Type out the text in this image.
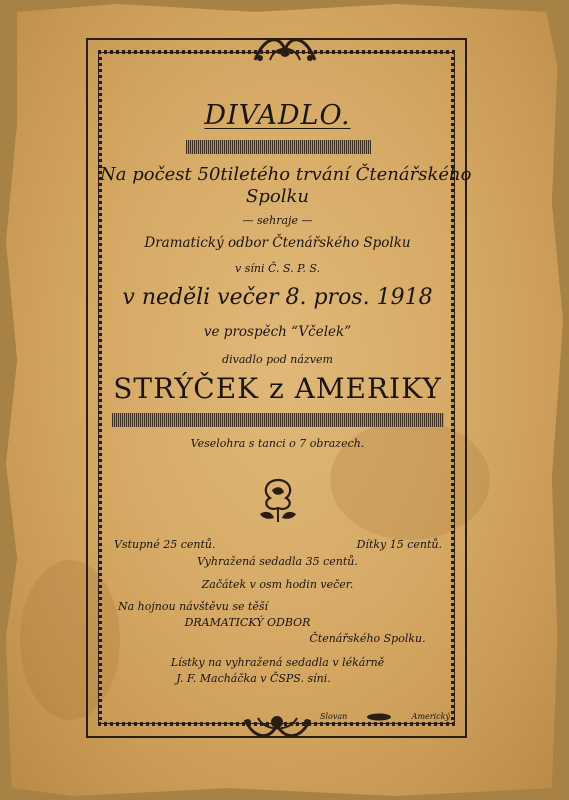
DIVADLO.
Na počest 50tiletého trvání Čtenářského
Spolku
— sehraje —
Dramatický odbor Čtenářského Spolku
v síni Č. S. P. S.
v neděli večer 8. pros. 1918
ve prospěch “Včelek”
divadlo pod názvem
STRÝČEK z AMERIKY
Veselohra s tanci o 7 obrazech.
Vstupné 25 centů.	Dítky 15 centů.
Vyhražená sedadla 35 centů.
Začátek v osm hodin večer.
Na hojnou návštěvu se těší
DRAMATICKÝ ODBOR
Čtenářského Spolku.
Lístky na vyhražená sedadla v lékárně
J. F. Macháčka v ČSPS. síni.
Slovan	Americký
